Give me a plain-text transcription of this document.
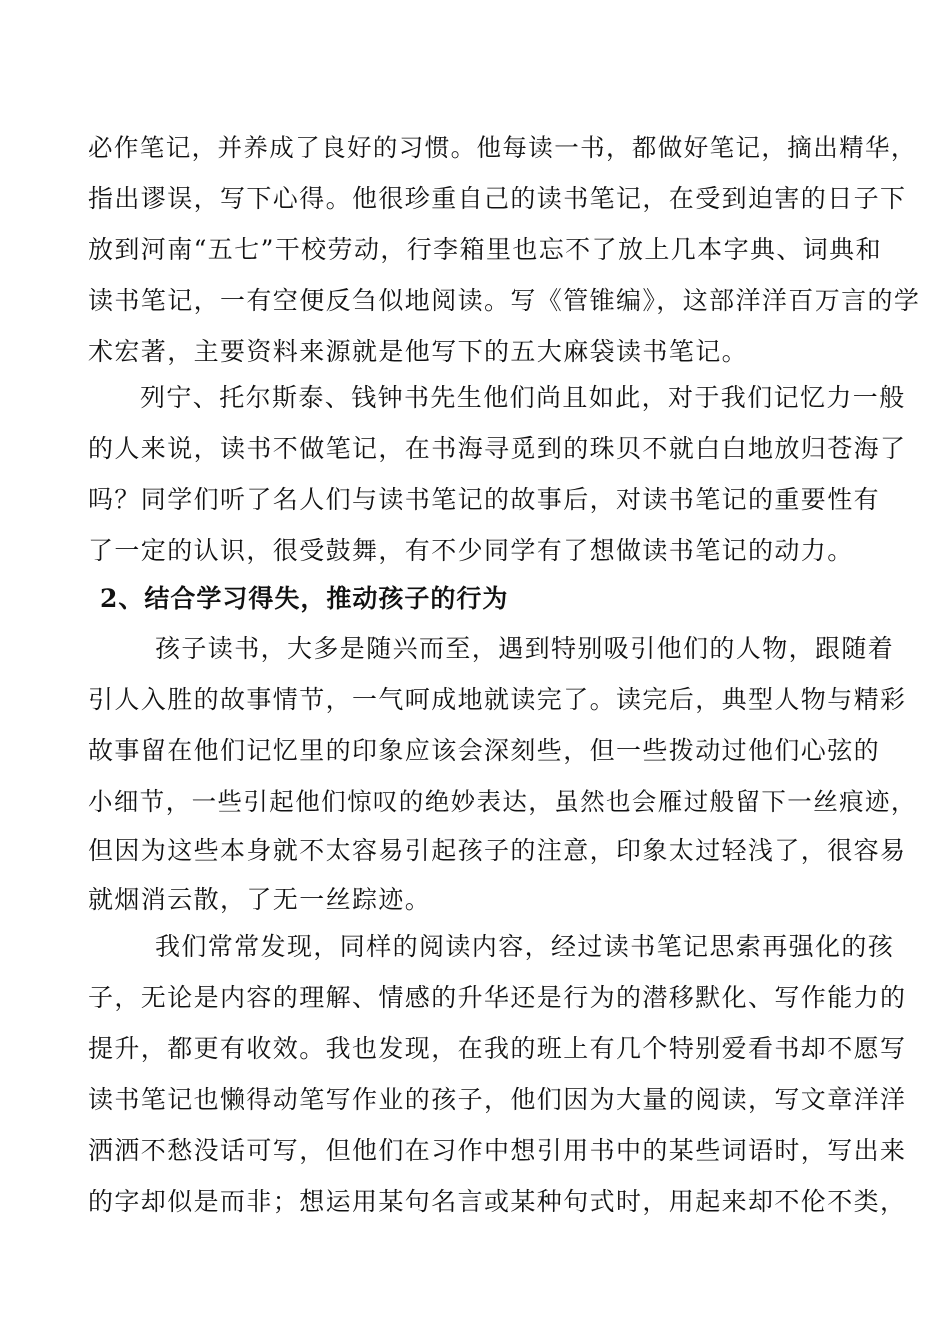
必作笔记，并养成了良好的习惯。他每读一书，都做好笔记，摘出精华，
指出谬误，写下心得。他很珍重自己的读书笔记，在受到迫害的日子下
放到河南“五七”干校劳动，行李箱里也忘不了放上几本字典、词典和
读书笔记，一有空便反刍似地阅读。写《管锥编》，这部洋洋百万言的学
术宏著，主要资料来源就是他写下的五大麻袋读书笔记。
列宁、托尔斯泰、钱钟书先生他们尚且如此，对于我们记忆力一般
的人来说，读书不做笔记，在书海寻觅到的珠贝不就白白地放归苍海了
吗？同学们听了名人们与读书笔记的故事后，对读书笔记的重要性有
了一定的认识，很受鼓舞，有不少同学有了想做读书笔记的动力。
2、结合学习得失，推动孩子的行为
孩子读书，大多是随兴而至，遇到特别吸引他们的人物，跟随着
引人入胜的故事情节，一气呵成地就读完了。读完后，典型人物与精彩
故事留在他们记忆里的印象应该会深刻些，但一些拨动过他们心弦的
小细节，一些引起他们惊叹的绝妙表达，虽然也会雁过般留下一丝痕迹，
但因为这些本身就不太容易引起孩子的注意，印象太过轻浅了，很容易
就烟消云散，了无一丝踪迹。
我们常常发现，同样的阅读内容，经过读书笔记思索再强化的孩
子，无论是内容的理解、情感的升华还是行为的潜移默化、写作能力的
提升，都更有收效。我也发现，在我的班上有几个特别爱看书却不愿写
读书笔记也懒得动笔写作业的孩子，他们因为大量的阅读，写文章洋洋
洒洒不愁没话可写，但他们在习作中想引用书中的某些词语时，写出来
的字却似是而非；想运用某句名言或某种句式时，用起来却不伦不类，
